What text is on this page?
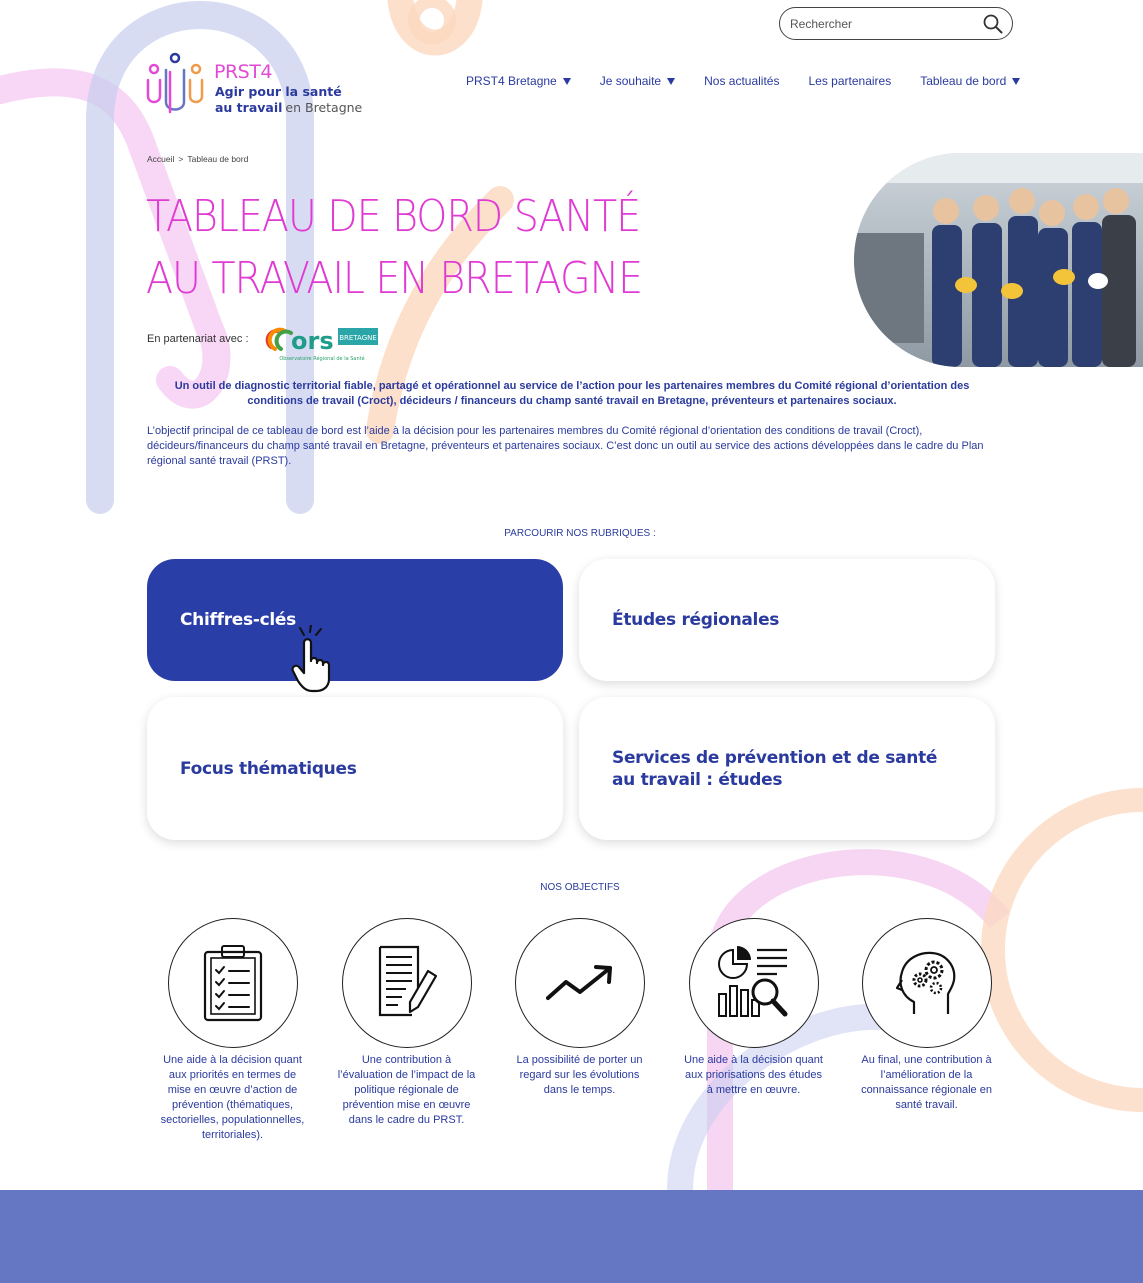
Rechercher
PRST4
Agir pour la santé
au travail en Bretagne
PRST4 Bretagne	Je souhaite	Nos actualités Les partenaires Tableau de bord
Accueil > Tableau de bord
TABLEAU DE BORD SANTÉ
AU TRAVAIL EN BRETAGNE
En partenariat avec : ors BRETAGNE
Observatoire Régional de la Santé

Un outil de diagnostic territorial fiable, partagé et opérationnel au service de l’action pour les partenaires membres du Comité régional d’orientation des conditions de travail (Croct), décideurs / financeurs du champ santé travail en Bretagne, préventeurs et partenaires sociaux.

L’objectif principal de ce tableau de bord est l’aide à la décision pour les partenaires membres du Comité régional d’orientation des conditions de travail (Croct), décideurs/financeurs du champ santé travail en Bretagne, préventeurs et partenaires sociaux. C’est donc un outil au service des actions développées dans le cadre du Plan régional santé travail (PRST).

PARCOURIR NOS RUBRIQUES :
Chiffres-clés	Études régionales
Focus thématiques
Services de prévention et de santé au travail : études
NOS OBJECTIFS
Une aide à la décision quant aux priorités en termes de mise en œuvre d’action de prévention (thématiques, sectorielles, populationnelles, territoriales).
Une contribution à l’évaluation de l’impact de la politique régionale de prévention mise en œuvre dans le cadre du PRST.
La possibilité de porter un regard sur les évolutions dans le temps.
Une aide à la décision quant aux priorisations des études à mettre en œuvre.
Au final, une contribution à l’amélioration de la connaissance régionale en santé travail.
